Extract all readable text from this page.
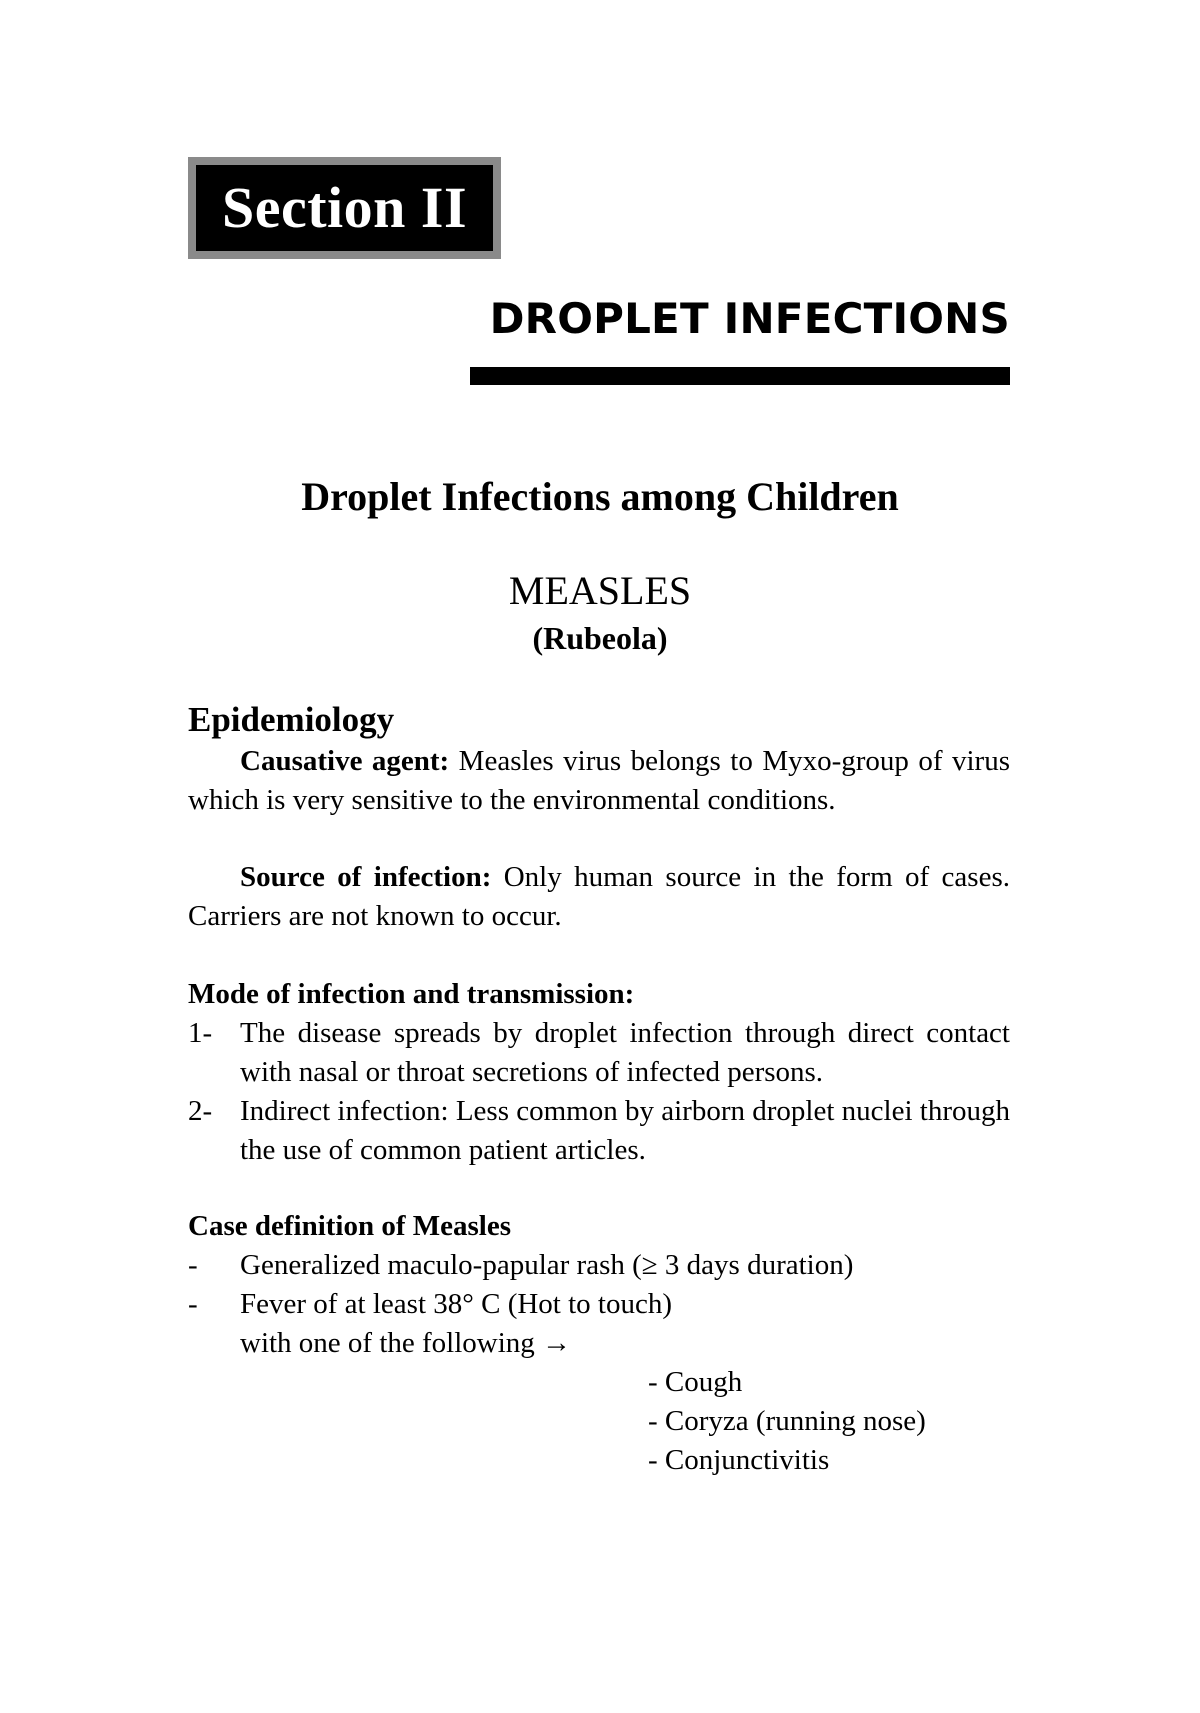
Section II
DROPLET INFECTIONS
Droplet Infections among Children
MEASLES
(Rubeola)
Epidemiology

Causative agent: Measles virus belongs to Myxo-group of virus which is very sensitive to the environmental conditions.

Source of infection: Only human source in the form of cases. Carriers are not known to occur.

Mode of infection and transmission:
1- The disease spreads by droplet infection through direct contact with nasal or throat secretions of infected persons.
2- Indirect infection: Less common by airborn droplet nuclei through the use of common patient articles.
Case definition of Measles
-	Generalized maculo-papular rash (≥ 3 days duration)
-	Fever of at least 38° C (Hot to touch)
with one of the following →
- Cough
- Coryza (running nose)
- Conjunctivitis
